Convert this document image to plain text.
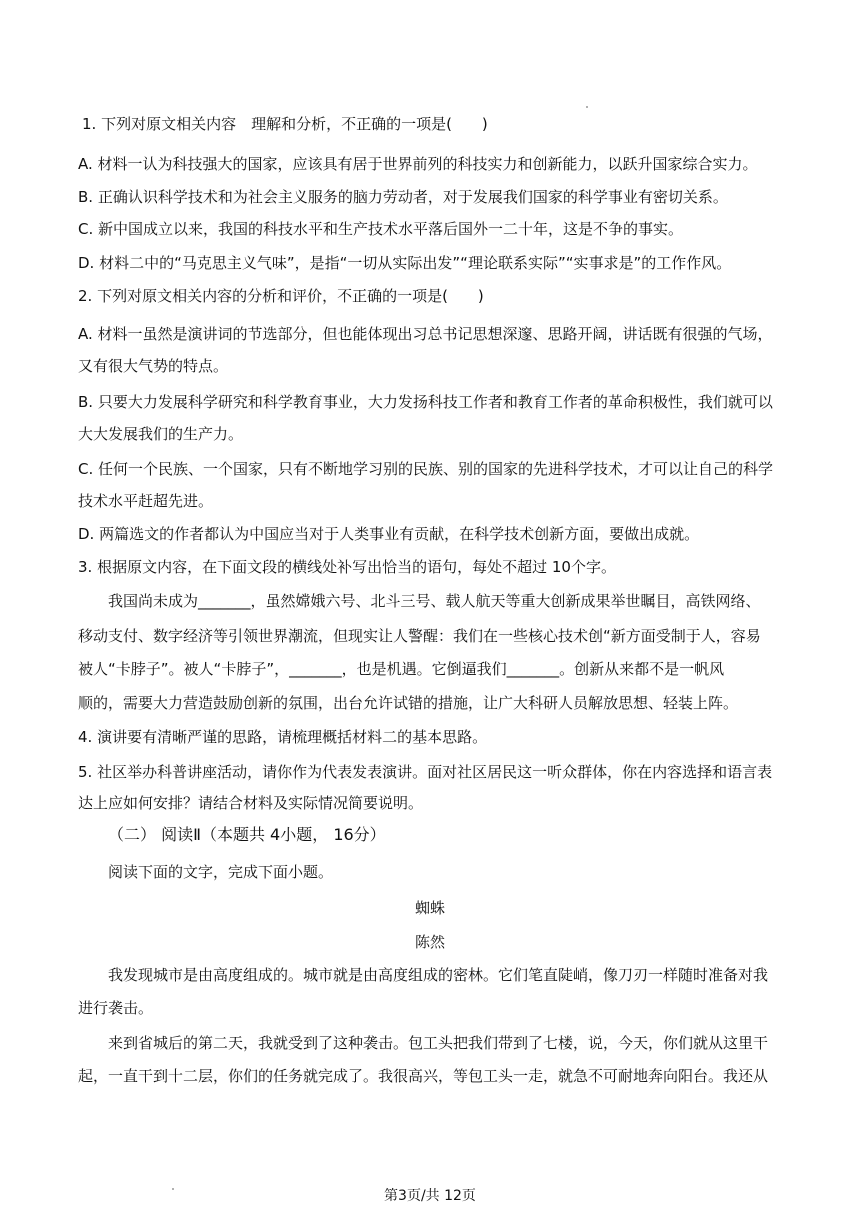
1. 下列对原文相关内容　理解和分析，不正确的一项是(　　)
A. 材料一认为科技强大的国家，应该具有居于世界前列的科技实力和创新能力，以跃升国家综合实力。
B. 正确认识科学技术和为社会主义服务的脑力劳动者，对于发展我们国家的科学事业有密切关系。
C. 新中国成立以来，我国的科技水平和生产技术水平落后国外一二十年，这是不争的事实。
D. 材料二中的“马克思主义气味”，是指“一切从实际出发”“理论联系实际”“实事求是”的工作作风。
2. 下列对原文相关内容的分析和评价，不正确的一项是(　　)
A. 材料一虽然是演讲词的节选部分，但也能体现出习总书记思想深邃、思路开阔，讲话既有很强的气场，
又有很大气势的特点。
B. 只要大力发展科学研究和科学教育事业，大力发扬科技工作者和教育工作者的革命积极性，我们就可以
大大发展我们的生产力。
C. 任何一个民族、一个国家，只有不断地学习别的民族、别的国家的先进科学技术，才可以让自己的科学
技术水平赶超先进。
D. 两篇选文的作者都认为中国应当对于人类事业有贡献，在科学技术创新方面，要做出成就。
3. 根据原文内容，在下面文段的横线处补写出恰当的语句，每处不超过 10个字。
我国尚未成为_______，虽然嫦娥六号、北斗三号、载人航天等重大创新成果举世瞩目，高铁网络、
移动支付、数字经济等引领世界潮流，但现实让人警醒：我们在一些核心技术创“新方面受制于人，容易
被人“卡脖子”。被人“卡脖子”，_______，也是机遇。它倒逼我们_______。创新从来都不是一帆风
顺的，需要大力营造鼓励创新的氛围，出台允许试错的措施，让广大科研人员解放思想、轻装上阵。
4. 演讲要有清晰严谨的思路，请梳理概括材料二的基本思路。
5. 社区举办科普讲座活动，请你作为代表发表演讲。面对社区居民这一听众群体，你在内容选择和语言表
达上应如何安排？请结合材料及实际情况简要说明。
（二） 阅读Ⅱ（本题共 4小题， 16分）
阅读下面的文字，完成下面小题。
蜘蛛
陈然
我发现城市是由高度组成的。城市就是由高度组成的密林。它们笔直陡峭，像刀刃一样随时准备对我
进行袭击。
来到省城后的第二天，我就受到了这种袭击。包工头把我们带到了七楼，说，今天，你们就从这里干
起，一直干到十二层，你们的任务就完成了。我很高兴，等包工头一走，就急不可耐地奔向阳台。我还从
第3页/共 12页
